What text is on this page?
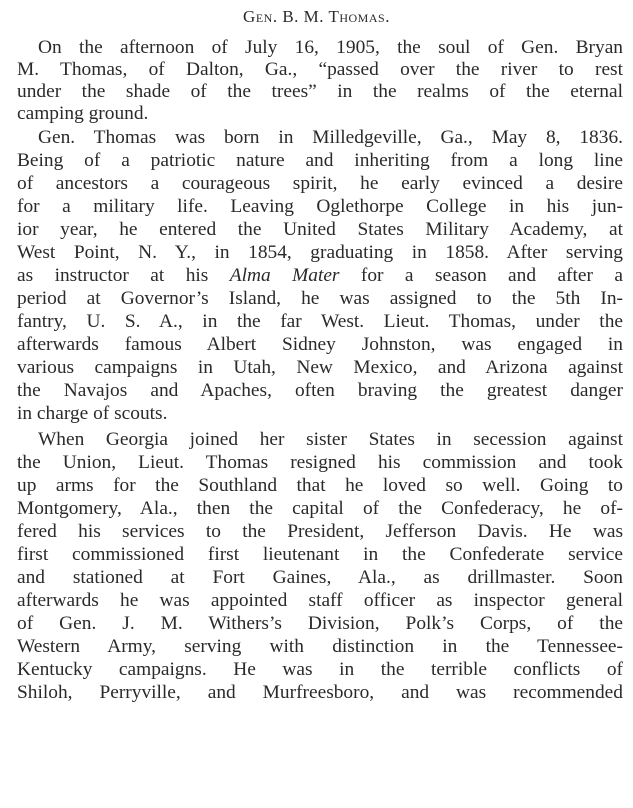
Gen. B. M. Thomas.
On the afternoon of July 16, 1905, the soul of Gen. Bryan
M. Thomas, of Dalton, Ga., “passed over the river to rest
under the shade of the trees” in the realms of the eternal
camping ground.
Gen. Thomas was born in Milledgeville, Ga., May 8, 1836.
Being of a patriotic nature and inheriting from a long line
of ancestors a courageous spirit, he early evinced a desire
for a military life. Leaving Oglethorpe College in his jun-
ior year, he entered the United States Military Academy, at
West Point, N. Y., in 1854, graduating in 1858. After serving
as instructor at his Alma Mater for a season and after a
period at Governor’s Island, he was assigned to the 5th In-
fantry, U. S. A., in the far West. Lieut. Thomas, under the
afterwards famous Albert Sidney Johnston, was engaged in
various campaigns in Utah, New Mexico, and Arizona against
the Navajos and Apaches, often braving the greatest danger
in charge of scouts.
When Georgia joined her sister States in secession against
the Union, Lieut. Thomas resigned his commission and took
up arms for the Southland that he loved so well. Going to
Montgomery, Ala., then the capital of the Confederacy, he of-
fered his services to the President, Jefferson Davis. He was
first commissioned first lieutenant in the Confederate service
and stationed at Fort Gaines, Ala., as drillmaster. Soon
afterwards he was appointed staff officer as inspector general
of Gen. J. M. Withers’s Division, Polk’s Corps, of the
Western Army, serving with distinction in the Tennessee-
Kentucky campaigns. He was in the terrible conflicts of
Shiloh, Perryville, and Murfreesboro, and was recommended
